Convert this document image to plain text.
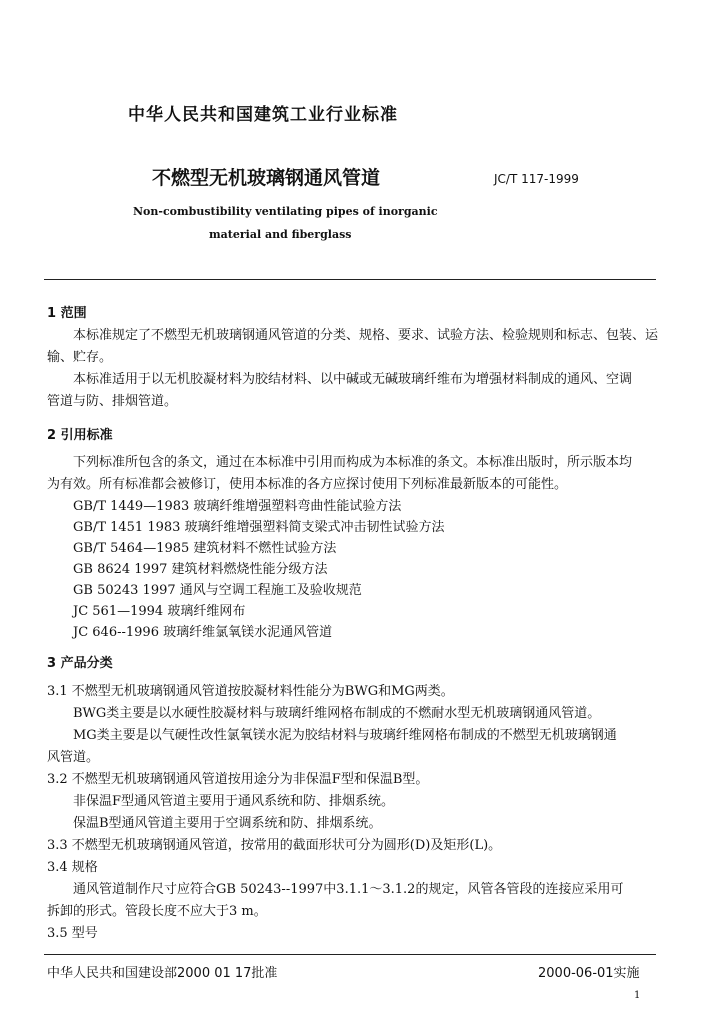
中华人民共和国建筑工业行业标准
不燃型无机玻璃钢通风管道	JC/T 117-1999
Non-combustibility ventilating pipes of inorganic
material and fiberglass
1 范围
本标准规定了不燃型无机玻璃钢通风管道的分类、规格、要求、试验方法、检验规则和标志、包装、运
输、贮存。
本标准适用于以无机胶凝材料为胶结材料、以中碱或无碱玻璃纤维布为增强材料制成的通风、空调
管道与防、排烟管道。
2 引用标准
下列标准所包含的条文，通过在本标准中引用而构成为本标准的条文。本标准出版时，所示版本均
为有效。所有标准都会被修订，使用本标准的各方应探讨使用下列标准最新版本的可能性。
GB/T 1449—1983 玻璃纤维增强塑料弯曲性能试验方法
GB/T 1451 1983 玻璃纤维增强塑料简支梁式冲击韧性试验方法
GB/T 5464—1985 建筑材料不燃性试验方法
GB 8624 1997 建筑材料燃烧性能分级方法
GB 50243 1997 通风与空调工程施工及验收规范
JC 561—1994 玻璃纤维网布
JC 646--1996 玻璃纤维氯氧镁水泥通风管道
3 产品分类
3.1 不燃型无机玻璃钢通风管道按胶凝材料性能分为BWG和MG两类。
BWG类主要是以水硬性胶凝材料与玻璃纤维网格布制成的不燃耐水型无机玻璃钢通风管道。
MG类主要是以气硬性改性氯氧镁水泥为胶结材料与玻璃纤维网格布制成的不燃型无机玻璃钢通
风管道。
3.2 不燃型无机玻璃钢通风管道按用途分为非保温F型和保温B型。
非保温F型通风管道主要用于通风系统和防、排烟系统。
保温B型通风管道主要用于空调系统和防、排烟系统。
3.3 不燃型无机玻璃钢通风管道，按常用的截面形状可分为圆形(D)及矩形(L)。
3.4 规格
通风管道制作尺寸应符合GB 50243--1997中3.1.1～3.1.2的规定，风管各管段的连接应采用可
拆卸的形式。管段长度不应大于3 m。
3.5 型号
中华人民共和国建设部2000 01 17批准	2000-06-01实施
1
